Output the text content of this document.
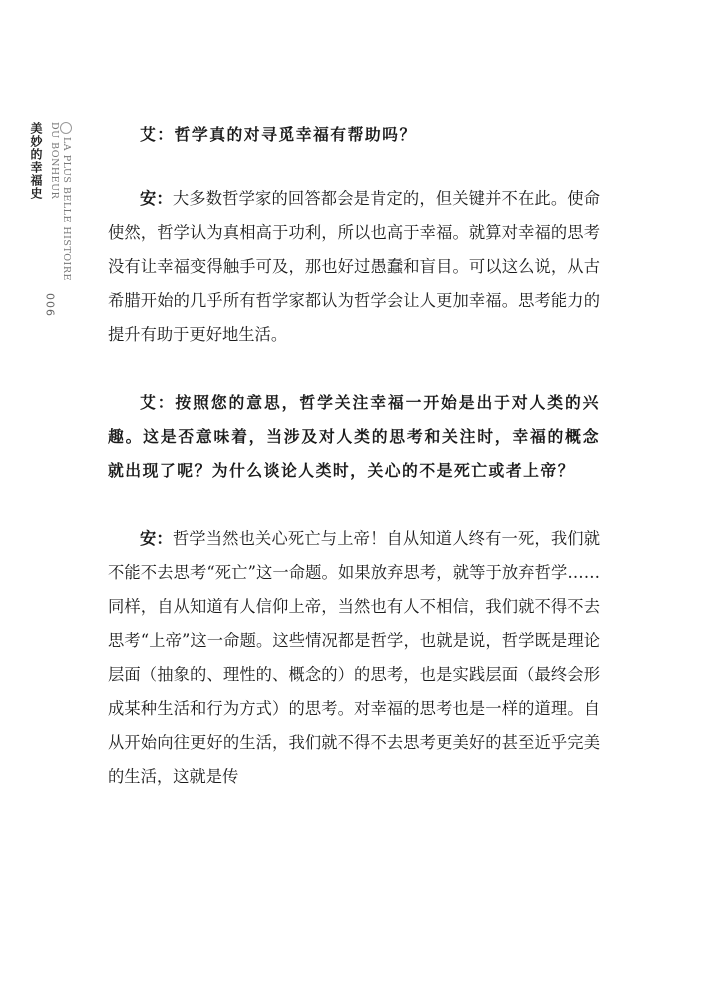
美妙的幸福史	LA PLUS BELLE HISTOIRE
DU BONHEUR
006

艾：哲学真的对寻觅幸福有帮助吗？

安：大多数哲学家的回答都会是肯定的，但关键并不在此。使命使然，哲学认为真相高于功利，所以也高于幸福。就算对幸福的思考没有让幸福变得触手可及，那也好过愚蠢和盲目。可以这么说，从古希腊开始的几乎所有哲学家都认为哲学会让人更加幸福。思考能力的提升有助于更好地生活。

艾：按照您的意思，哲学关注幸福一开始是出于对人类的兴趣。这是否意味着，当涉及对人类的思考和关注时，幸福的概念就出现了呢？为什么谈论人类时，关心的不是死亡或者上帝？

安：哲学当然也关心死亡与上帝！自从知道人终有一死，我们就不能不去思考“死亡”这一命题。如果放弃思考，就等于放弃哲学……同样，自从知道有人信仰上帝，当然也有人不相信，我们就不得不去思考“上帝”这一命题。这些情况都是哲学，也就是说，哲学既是理论层面（抽象的、理性的、概念的）的思考，也是实践层面（最终会形成某种生活和行为方式）的思考。对幸福的思考也是一样的道理。自从开始向往更好的生活，我们就不得不去思考更美好的甚至近乎完美的生活，这就是传
